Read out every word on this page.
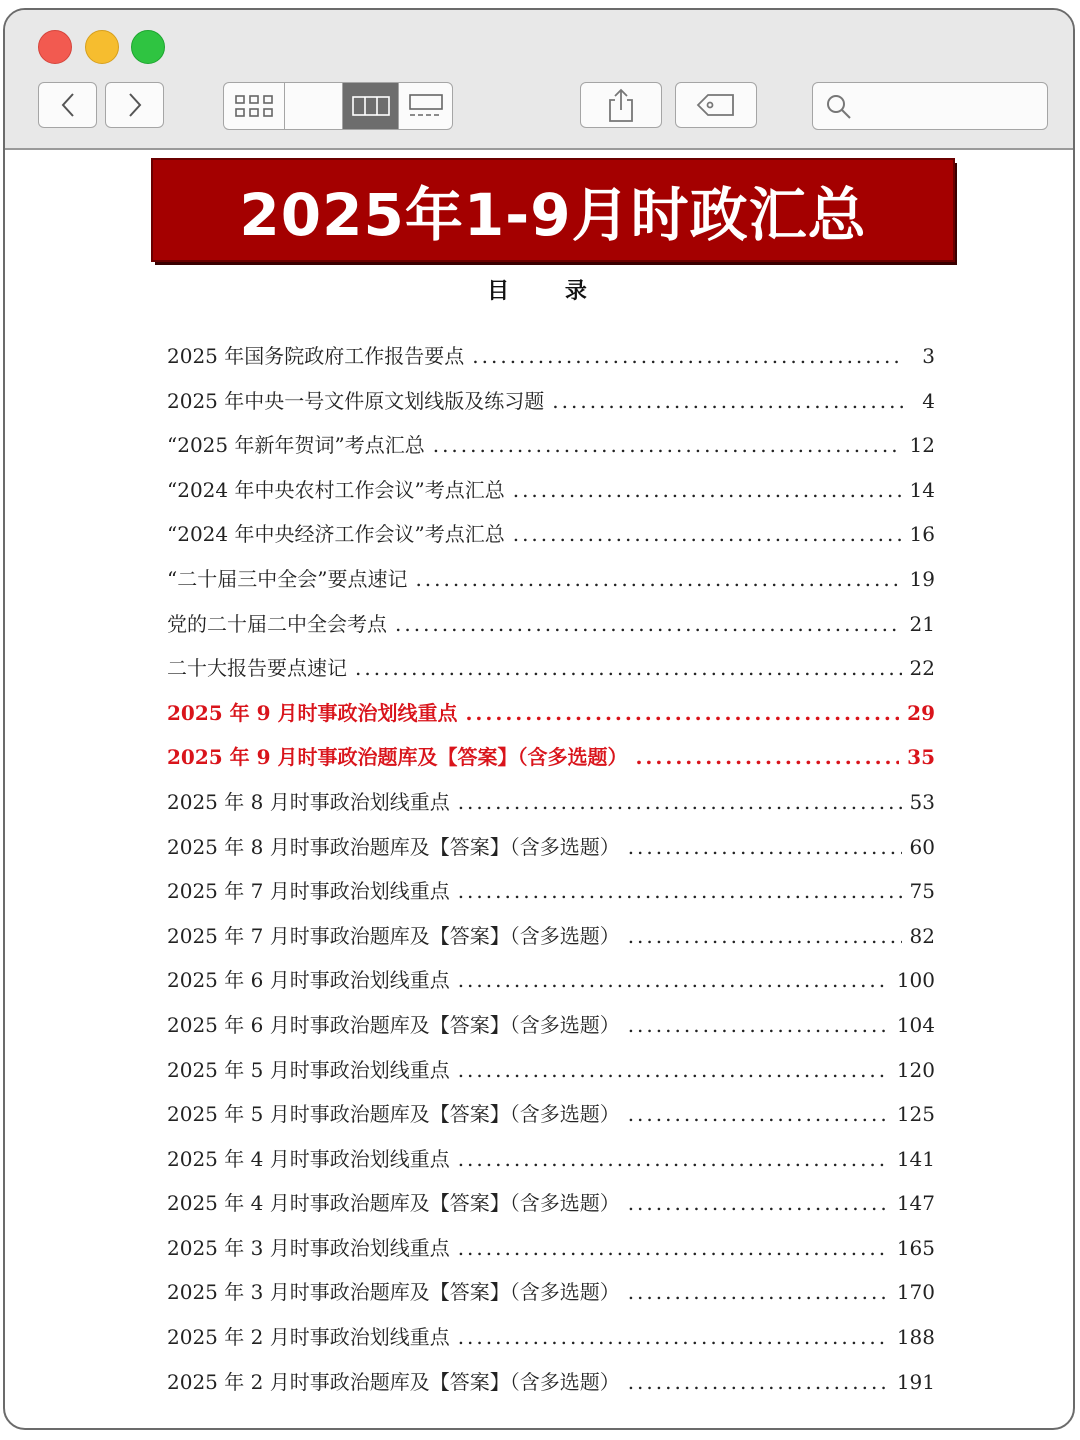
2025年1-9月时政汇总
目 录
2025 年国务院政府工作报告要点 .....	3
2025 年中央一号文件原文划线版及练习题 .....	4
“2025 年新年贺词”考点汇总 .....	12
“2024 年中央农村工作会议”考点汇总 .....	14
“2024 年中央经济工作会议”考点汇总 .....	16
“二十届三中全会”要点速记 .....	19
党的二十届二中全会考点 .....	21
二十大报告要点速记 .....	22
2025 年 9 月时事政治划线重点 .....	29
2025 年 9 月时事政治题库及【答案】（含多选题） .....	35
2025 年 8 月时事政治划线重点 .....	53
2025 年 8 月时事政治题库及【答案】（含多选题） .....	60
2025 年 7 月时事政治划线重点 .....	75
2025 年 7 月时事政治题库及【答案】（含多选题） .....	82
2025 年 6 月时事政治划线重点 .....	100
2025 年 6 月时事政治题库及【答案】（含多选题） .....	104
2025 年 5 月时事政治划线重点 .....	120
2025 年 5 月时事政治题库及【答案】（含多选题） .....	125
2025 年 4 月时事政治划线重点 .....	141
2025 年 4 月时事政治题库及【答案】（含多选题） .....	147
2025 年 3 月时事政治划线重点 .....	165
2025 年 3 月时事政治题库及【答案】（含多选题） .....	170
2025 年 2 月时事政治划线重点 .....	188
2025 年 2 月时事政治题库及【答案】（含多选题） .....	191
